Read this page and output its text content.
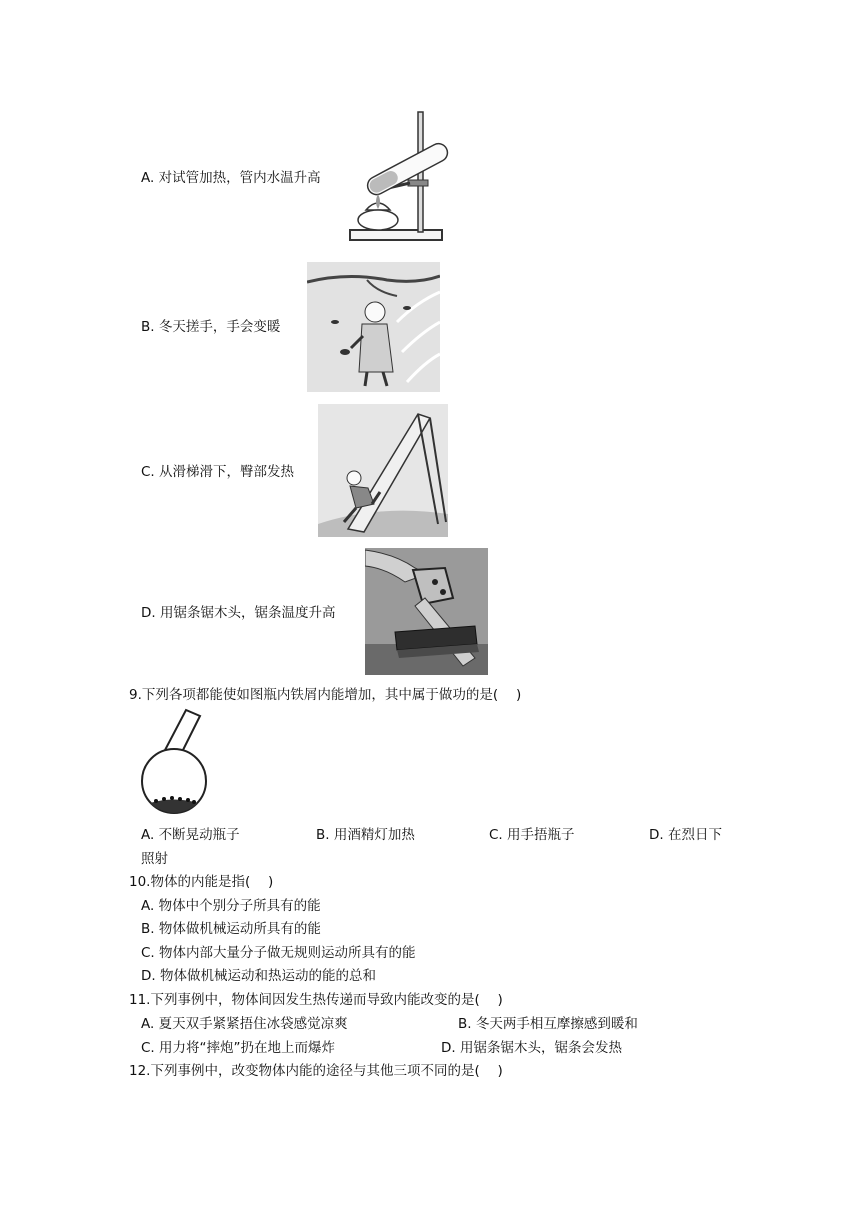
A. 对试管加热，管内水温升高
B. 冬天搓手，手会变暖
C. 从滑梯滑下，臀部发热
D. 用锯条锯木头，锯条温度升高
9.下列各项都能使如图瓶内铁屑内能增加，其中属于做功的是(　 )
A. 不断晃动瓶子	B. 用酒精灯加热	C. 用手捂瓶子	D. 在烈日下
照射
10.物体的内能是指(　 )
A. 物体中个别分子所具有的能
B. 物体做机械运动所具有的能
C. 物体内部大量分子做无规则运动所具有的能
D. 物体做机械运动和热运动的能的总和
11.下列事例中，物体间因发生热传递而导致内能改变的是(　 )
A. 夏天双手紧紧捂住冰袋感觉凉爽	B. 冬天两手相互摩擦感到暖和
C. 用力将“摔炮”扔在地上而爆炸	D. 用锯条锯木头，锯条会发热
12.下列事例中，改变物体内能的途径与其他三项不同的是(　 )
